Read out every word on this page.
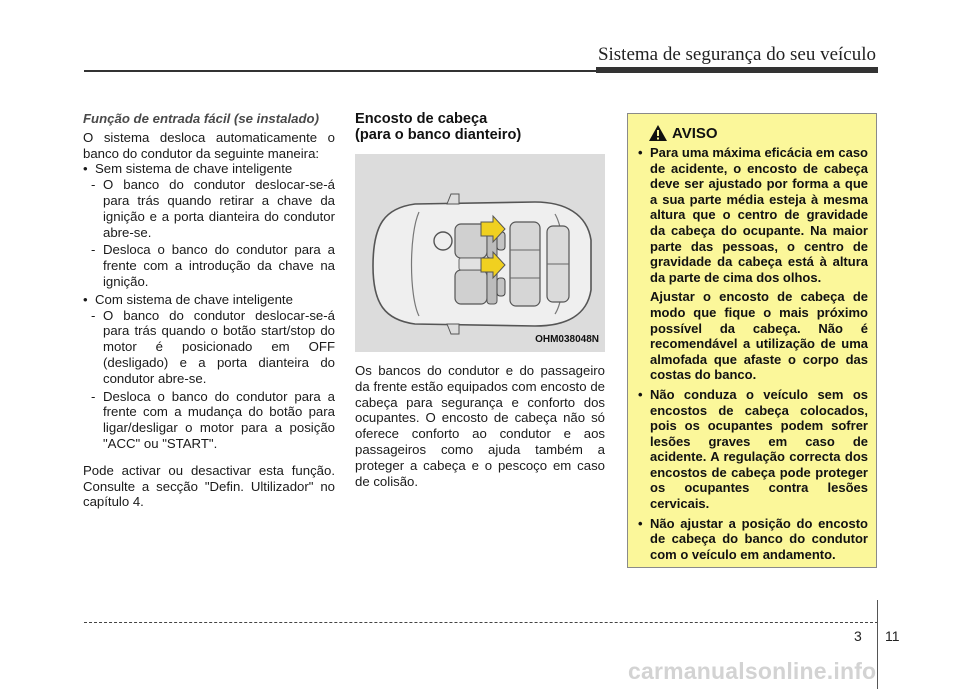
Sistema de segurança do seu veículo

Função de entrada fácil (se instalado)

O sistema desloca automaticamente o banco do condutor da seguinte maneira:

• Sem sistema de chave inteligente

- O banco do condutor deslocar-se-á para trás quando retirar a chave da ignição e a porta dianteira do condutor abre-se.

- Desloca o banco do condutor para a frente com a introdução da chave na ignição.

• Com sistema de chave inteligente

- O banco do condutor deslocar-se-á para trás quando o botão start/stop do motor é posicionado em OFF (desligado) e a porta dianteira do condutor abre-se.

- Desloca o banco do condutor para a frente com a mudança do botão para ligar/desligar o motor para a posição "ACC" ou "START".

Pode activar ou desactivar esta função. Consulte a secção "Defin. Ultilizador" no capítulo 4.

Encosto de cabeça
(para o banco dianteiro)
OHM038048N

Os bancos do condutor e do passageiro da frente estão equipados com encosto de cabeça para segurança e conforto dos ocupantes. O encosto de cabeça não só oferece conforto ao condutor e aos passageiros como ajuda também a proteger a cabeça e o pescoço em caso de colisão.

AVISO
• Para uma máxima eficácia em caso de acidente, o encosto de cabeça deve ser ajustado por forma a que a sua parte média esteja à mesma altura que o centro de gravidade da cabeça do ocupante. Na maior parte das pessoas, o centro de gravidade da cabeça está à altura da parte de cima dos olhos.
Ajustar o encosto de cabeça de modo que fique o mais próximo possível da cabeça. Não é recomendável a utilização de uma almofada que afaste o corpo das costas do banco.
• Não conduza o veículo sem os encostos de cabeça colocados, pois os ocupantes podem sofrer lesões graves em caso de acidente. A regulação correcta dos encostos de cabeça pode proteger os ocupantes contra lesões cervicais.
• Não ajustar a posição do encosto de cabeça do banco do condutor com o veículo em andamento.
3 11
carmanualsonline.info
